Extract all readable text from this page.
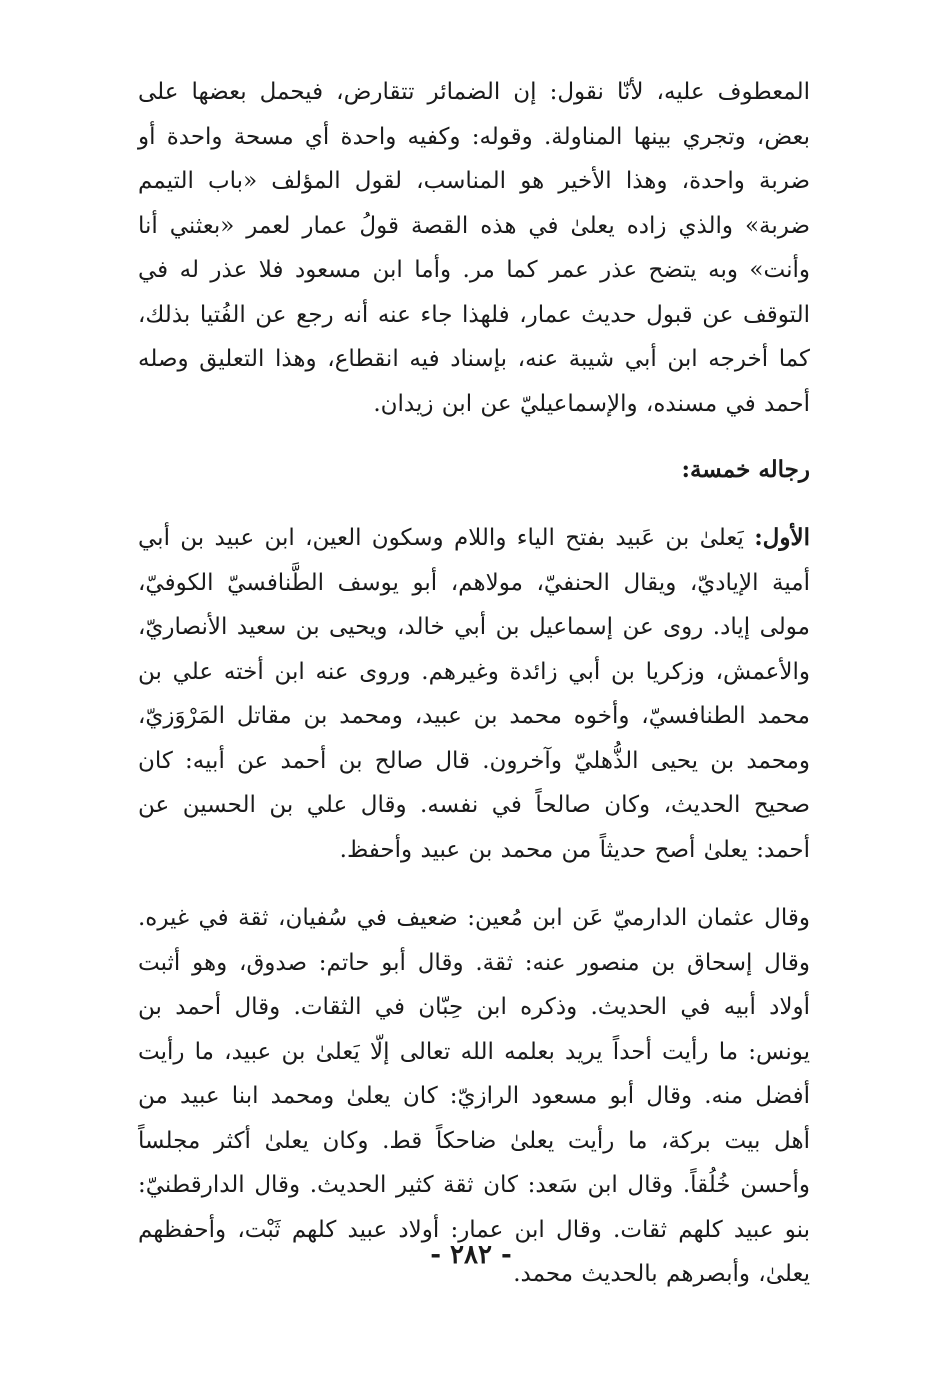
المعطوف عليه، لأنّا نقول: إن الضمائر تتقارض، فيحمل بعضها على بعض، وتجري بينها المناولة. وقوله: وكفيه واحدة أي مسحة واحدة أو ضربة واحدة، وهذا الأخير هو المناسب، لقول المؤلف «باب التيمم ضربة» والذي زاده يعلىٰ في هذه القصة قولُ عمار لعمر «بعثني أنا وأنت» وبه يتضح عذر عمر كما مر. وأما ابن مسعود فلا عذر له في التوقف عن قبول حديث عمار، فلهذا جاء عنه أنه رجع عن الفُتيا بذلك، كما أخرجه ابن أبي شيبة عنه، بإسناد فيه انقطاع، وهذا التعليق وصله أحمد في مسنده، والإسماعيليّ عن ابن زيدان.

رجاله خمسة:

الأول: يَعلىٰ بن عَبيد بفتح الياء واللام وسكون العين، ابن عبيد بن أبي أمية الإياديّ، ويقال الحنفيّ، مولاهم، أبو يوسف الطَّنافسيّ الكوفيّ، مولى إياد. روى عن إسماعيل بن أبي خالد، ويحيى بن سعيد الأنصاريّ، والأعمش، وزكريا بن أبي زائدة وغيرهم. وروى عنه ابن أخته علي بن محمد الطنافسيّ، وأخوه محمد بن عبيد، ومحمد بن مقاتل المَرْوَزيّ، ومحمد بن يحيى الذُّهليّ وآخرون. قال صالح بن أحمد عن أبيه: كان صحيح الحديث، وكان صالحاً في نفسه. وقال علي بن الحسين عن أحمد: يعلىٰ أصح حديثاً من محمد بن عبيد وأحفظ.

وقال عثمان الدارميّ عَن ابن مُعين: ضعيف في سُفيان، ثقة في غيره. وقال إسحاق بن منصور عنه: ثقة. وقال أبو حاتم: صدوق، وهو أثبت أولاد أبيه في الحديث. وذكره ابن حِبّان في الثقات. وقال أحمد بن يونس: ما رأيت أحداً يريد بعلمه الله تعالى إلّا يَعلىٰ بن عبيد، ما رأيت أفضل منه. وقال أبو مسعود الرازيّ: كان يعلىٰ ومحمد ابنا عبيد من أهل بيت بركة، ما رأيت يعلىٰ ضاحكاً قط. وكان يعلىٰ أكثر مجلساً وأحسن خُلُقاً. وقال ابن سَعد: كان ثقة كثير الحديث. وقال الدارقطنيّ: بنو عبيد كلهم ثقات. وقال ابن عمار: أولاد عبيد كلهم ثَبْت، وأحفظهم يعلىٰ، وأبصرهم بالحديث محمد.

- ٢٨٢ -
